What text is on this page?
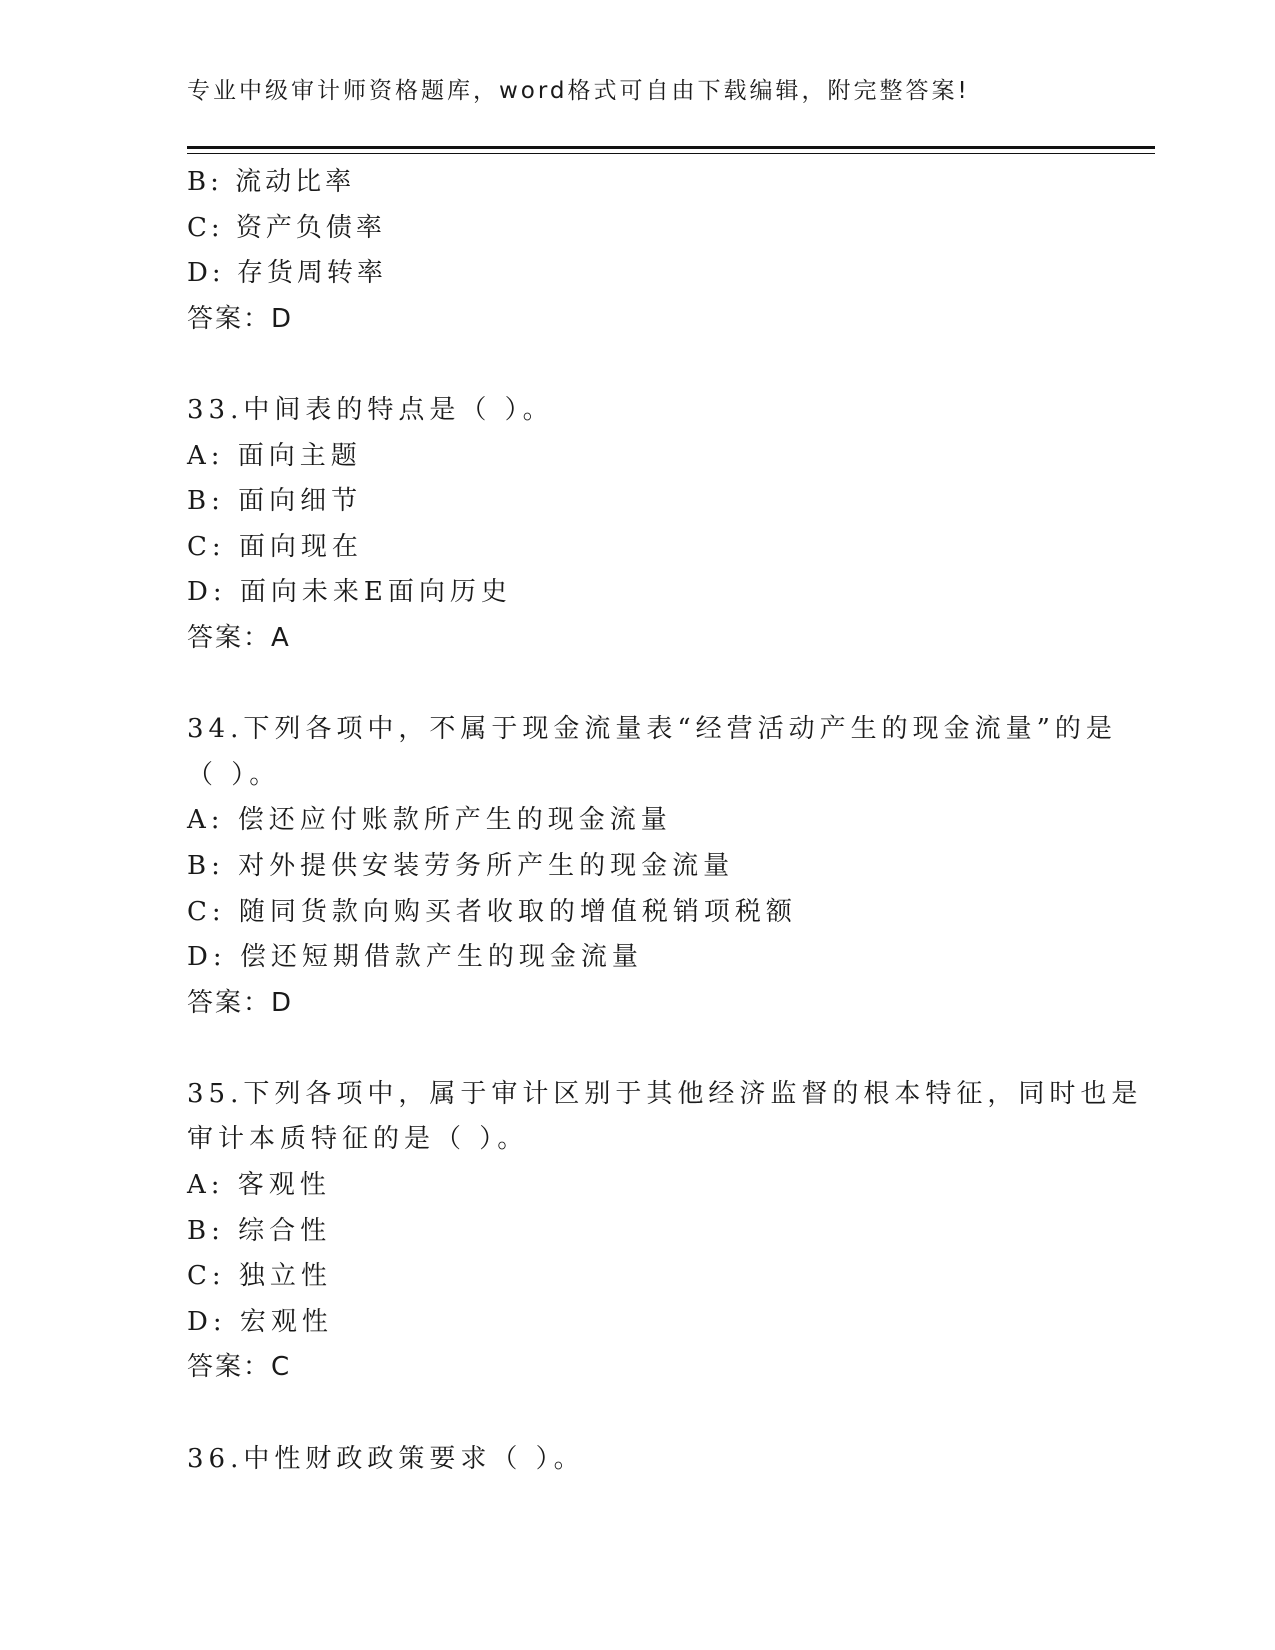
专业中级审计师资格题库，word格式可自由下载编辑，附完整答案!
B: 流动比率
C: 资产负债率
D: 存货周转率
答案：D
33.中间表的特点是（ ）。
A: 面向主题
B: 面向细节
C: 面向现在
D: 面向未来E面向历史
答案：A
34.下列各项中，不属于现金流量表“经营活动产生的现金流量”的是
（ ）。
A: 偿还应付账款所产生的现金流量
B: 对外提供安装劳务所产生的现金流量
C: 随同货款向购买者收取的增值税销项税额
D: 偿还短期借款产生的现金流量
答案：D
35.下列各项中，属于审计区别于其他经济监督的根本特征，同时也是
审计本质特征的是（ ）。
A: 客观性
B: 综合性
C: 独立性
D: 宏观性
答案：C
36.中性财政政策要求（ ）。
